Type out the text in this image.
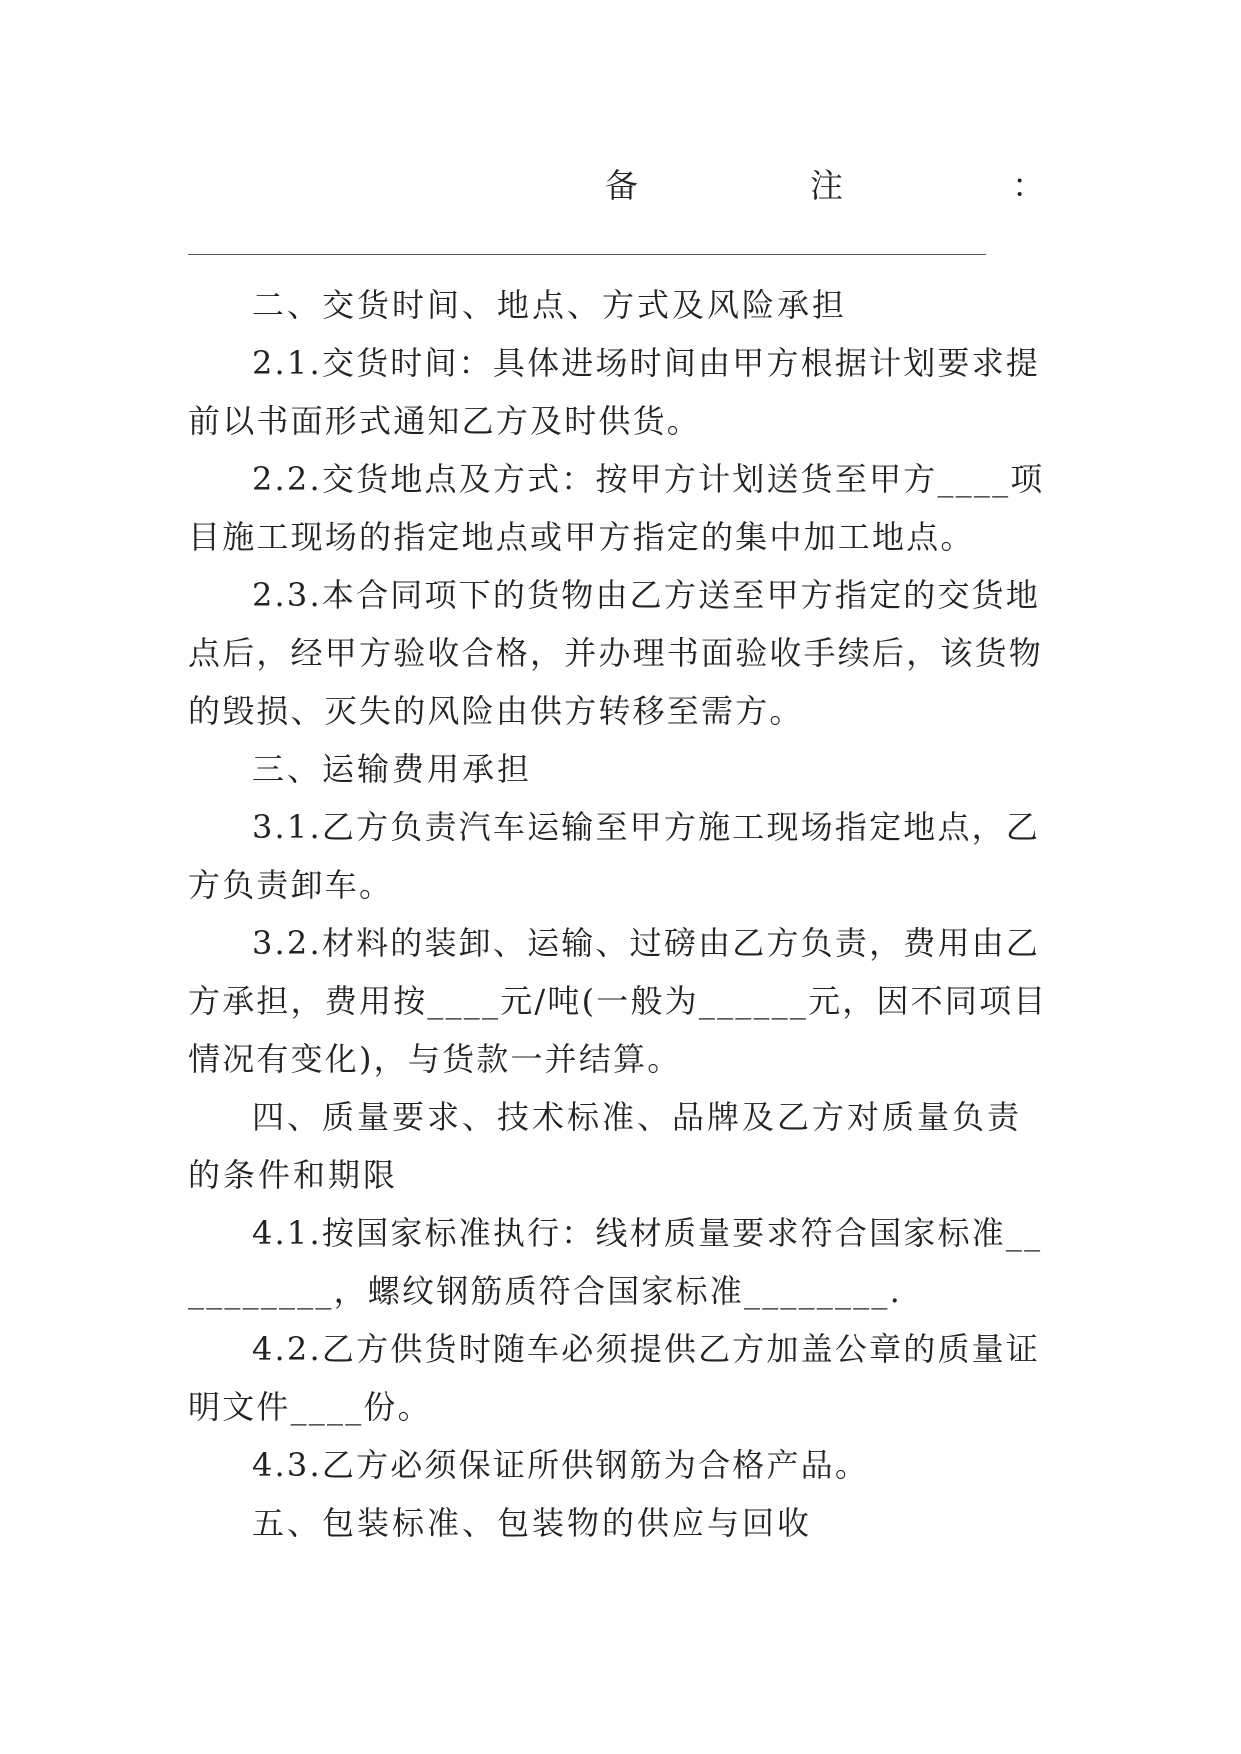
备	注	：

二、交货时间、地点、方式及风险承担

2.1.交货时间：具体进场时间由甲方根据计划要求提前以书面形式通知乙方及时供货。

2.2.交货地点及方式：按甲方计划送货至甲方____项目施工现场的指定地点或甲方指定的集中加工地点。

2.3.本合同项下的货物由乙方送至甲方指定的交货地点后，经甲方验收合格，并办理书面验收手续后，该货物的毁损、灭失的风险由供方转移至需方。

三、运输费用承担

3.1.乙方负责汽车运输至甲方施工现场指定地点，乙方负责卸车。

3.2.材料的装卸、运输、过磅由乙方负责，费用由乙方承担，费用按____元/吨(一般为______元，因不同项目情况有变化)，与货款一并结算。

四、质量要求、技术标准、品牌及乙方对质量负责的条件和期限

4.1.按国家标准执行：线材质量要求符合国家标准__________，螺纹钢筋质符合国家标准________.

4.2.乙方供货时随车必须提供乙方加盖公章的质量证明文件____份。

4.3.乙方必须保证所供钢筋为合格产品。

五、包装标准、包装物的供应与回收
